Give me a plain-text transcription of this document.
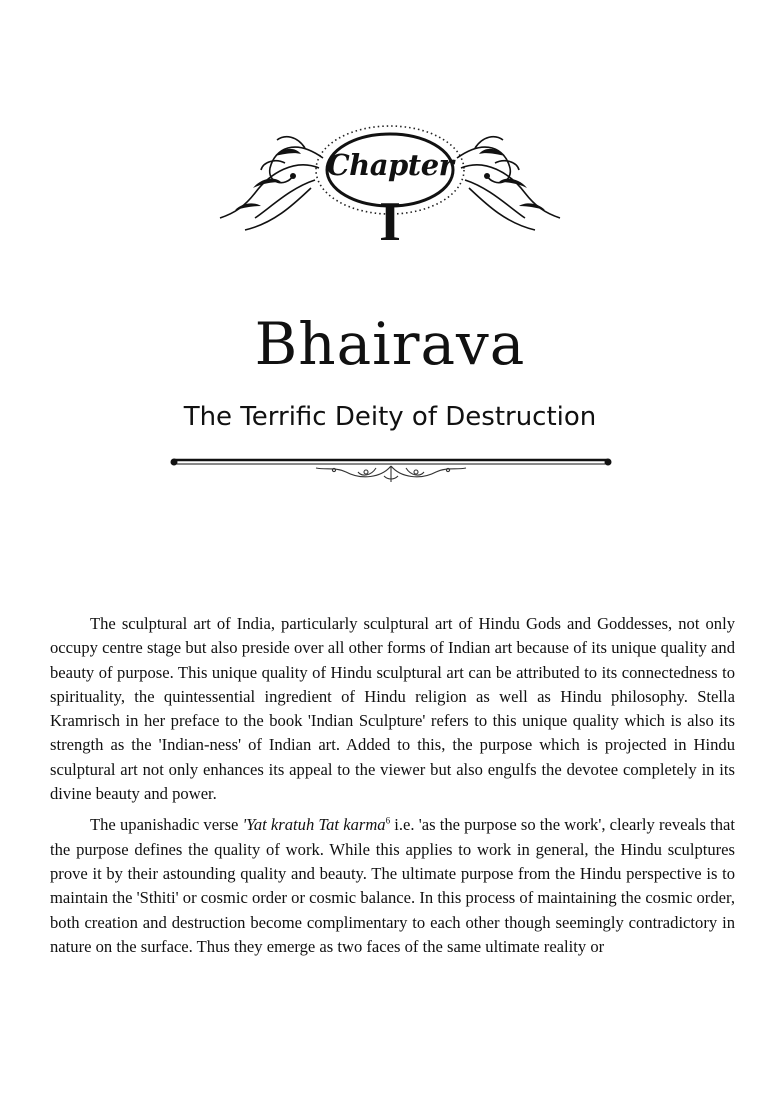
Chapter
I
Bhairava
The Terrific Deity of Destruction

The sculptural art of India, particularly sculptural art of Hindu Gods and Goddesses, not only occupy centre stage but also preside over all other forms of Indian art because of its unique quality and beauty of purpose. This unique quality of Hindu sculptural art can be attributed to its connectedness to spirituality, the quintessential ingredient of Hindu religion as well as Hindu philosophy. Stella Kramrisch in her preface to the book 'Indian Sculpture' refers to this unique quality which is also its strength as the 'Indian-ness' of Indian art. Added to this, the purpose which is projected in Hindu sculptural art not only enhances its appeal to the viewer but also engulfs the devotee completely in its divine beauty and power.

The upanishadic verse 'Yat kratuh Tat karma$^6$ i.e. 'as the purpose so the work', clearly reveals that the purpose defines the quality of work. While this applies to work in general, the Hindu sculptures prove it by their astounding quality and beauty. The ultimate purpose from the Hindu perspective is to maintain the 'Sthiti' or cosmic order or cosmic balance. In this process of maintaining the cosmic order, both creation and destruction become complimentary to each other though seemingly contradictory in nature on the surface. Thus they emerge as two faces of the same ultimate reality or
